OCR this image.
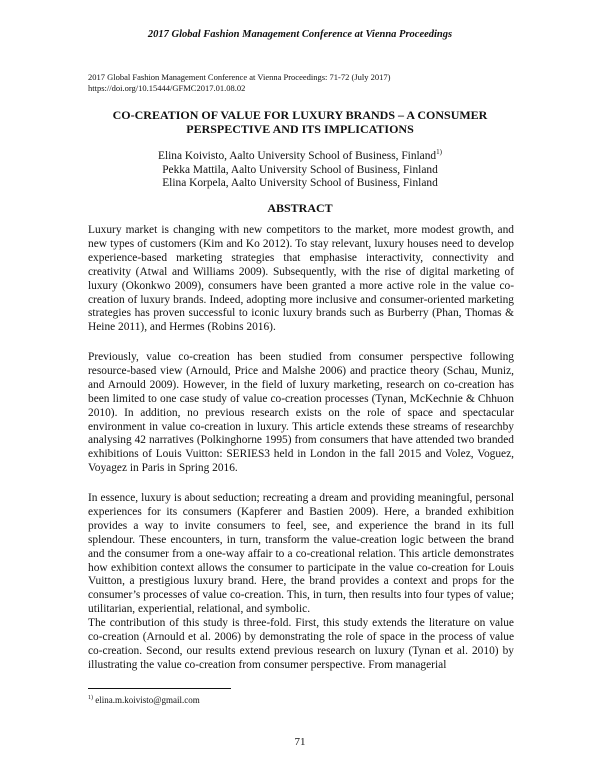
2017 Global Fashion Management Conference at Vienna Proceedings
2017 Global Fashion Management Conference at Vienna Proceedings: 71-72 (July 2017)
https://doi.org/10.15444/GFMC2017.01.08.02
CO-CREATION OF VALUE FOR LUXURY BRANDS – A CONSUMER
PERSPECTIVE AND ITS IMPLICATIONS
Elina Koivisto, Aalto University School of Business, Finland$^{1)}$
Pekka Mattila, Aalto University School of Business, Finland
Elina Korpela, Aalto University School of Business, Finland
ABSTRACT
Luxury market is changing with new competitors to the market, more modest growth, and new types of customers (Kim and Ko 2012). To stay relevant, luxury houses need to develop experience-based marketing strategies that emphasise interactivity, connectivity and creativity (Atwal and Williams 2009). Subsequently, with the rise of digital marketing of luxury (Okonkwo 2009), consumers have been granted a more active role in the value co-creation of luxury brands. Indeed, adopting more inclusive and consumer-oriented marketing strategies has proven successful to iconic luxury brands such as Burberry (Phan, Thomas & Heine 2011), and Hermes (Robins 2016).
Previously, value co-creation has been studied from consumer perspective following resource-based view (Arnould, Price and Malshe 2006) and practice theory (Schau, Muniz, and Arnould 2009). However, in the field of luxury marketing, research on co-creation has been limited to one case study of value co-creation processes (Tynan, McKechnie & Chhuon 2010). In addition, no previous research exists on the role of space and spectacular environment in value co-creation in luxury. This article extends these streams of researchby analysing 42 narratives (Polkinghorne 1995) from consumers that have attended two branded exhibitions of Louis Vuitton: SERIES3 held in London in the fall 2015 and Volez, Voguez, Voyagez in Paris in Spring 2016.
In essence, luxury is about seduction; recreating a dream and providing meaningful, personal experiences for its consumers (Kapferer and Bastien 2009). Here, a branded exhibition provides a way to invite consumers to feel, see, and experience the brand in its full splendour. These encounters, in turn, transform the value-creation logic between the brand and the consumer from a one-way affair to a co-creational relation. This article demonstrates how exhibition context allows the consumer to participate in the value co-creation for Louis Vuitton, a prestigious luxury brand. Here, the brand provides a context and props for the consumer’s processes of value co-creation. This, in turn, then results into four types of value; utilitarian, experiential, relational, and symbolic.
The contribution of this study is three-fold. First, this study extends the literature on value co-creation (Arnould et al. 2006) by demonstrating the role of space in the process of value co-creation. Second, our results extend previous research on luxury (Tynan et al. 2010) by illustrating the value co-creation from consumer perspective. From managerial
$^{1)}$ elina.m.koivisto@gmail.com
71
